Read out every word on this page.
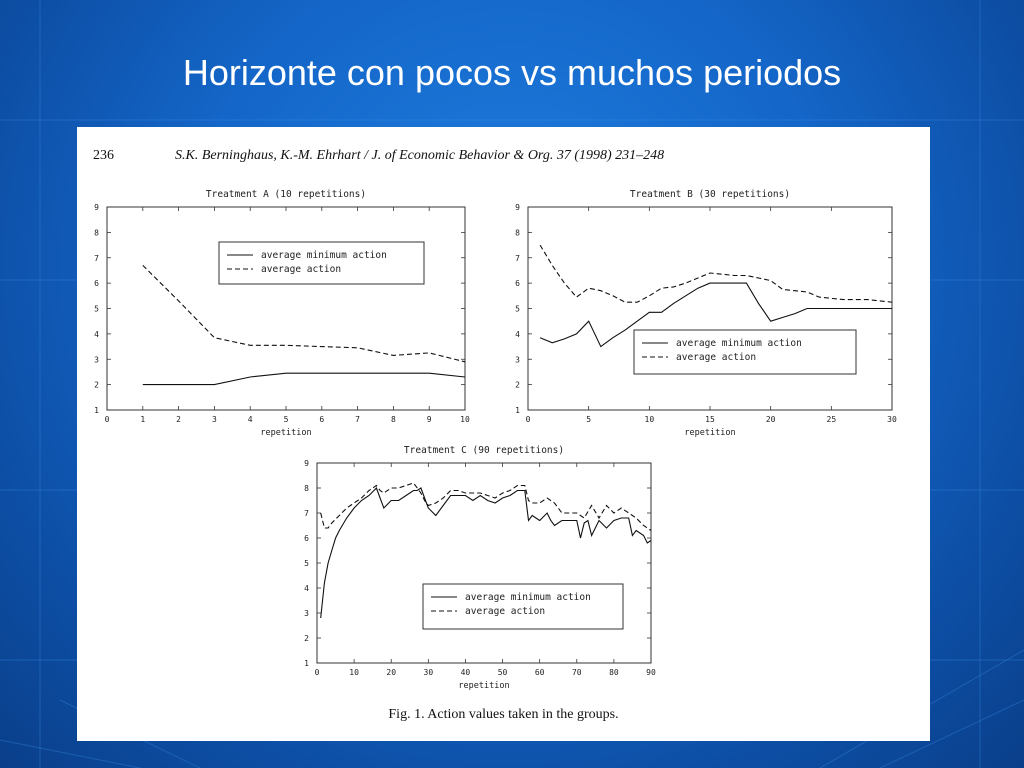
Horizonte con pocos vs muchos periodos
236	S.K. Berninghaus, K.-M. Ehrhart / J. of Economic Behavior & Org. 37 (1998) 231–248
Treatment A (10 repetitions)
0	1	2	3	4	5	6	7	8	9	10
1
2
3
4
5
6
7
8
9
repetition
average minimum action
average action
Treatment B (30 repetitions)
0	5	10	15	20	25	30
1
2
3
4
5
6
7
8
9
repetition
average minimum action
average action
Treatment C (90 repetitions)
0	10	20	30	40	50	60	70	80	90
1
2
3
4
5
6
7
8
9
repetition
average minimum action
average action
Fig. 1. Action values taken in the groups.
